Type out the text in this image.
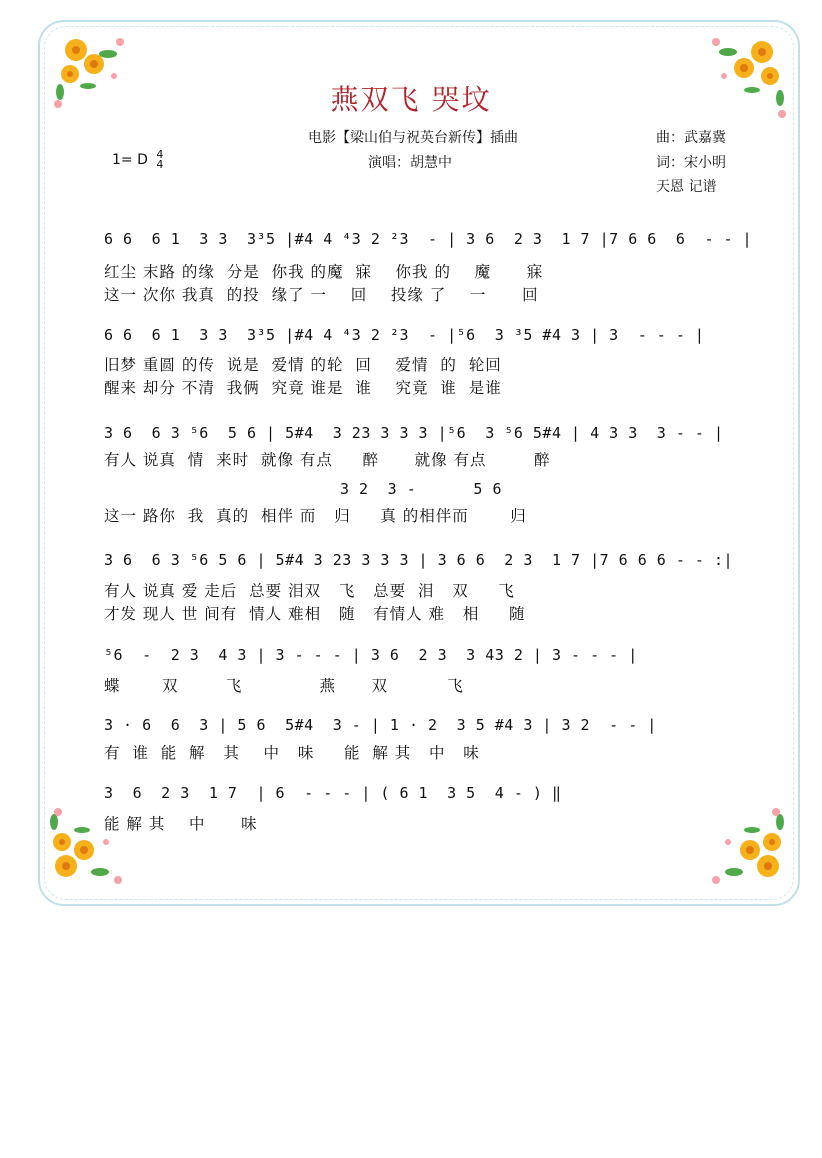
燕双飞 哭坟
电影【梁山伯与祝英台新传】插曲
演唱：胡慧中
曲：武嘉冀
词：宋小明
天恩 记谱
1= D 4
4
6 6  6 1  3 3  3³5 |#4 4 ⁴3 2 ²3  - | 3 6  2 3  1 7 |7 6 6  6  - - |
红尘 末路 的缘  分是  你我 的魔  寐    你我 的    魔      寐
这一 次你 我真  的投  缘了 一    回    投缘 了    一      回
6 6  6 1  3 3  3³5 |#4 4 ⁴3 2 ²3  - |⁵6  3 ³5 #4 3 | 3  - - - |
旧梦 重圆 的传  说是  爱情 的轮  回    爱情  的  轮回
醒来 却分 不清  我俩  究竟 谁是  谁    究竟  谁  是谁
3 6  6 3 ⁵6  5 6 | 5#4  3 23 3 3 3 |⁵6  3 ⁵6 5#4 | 4 3 3  3 - - |
有人 说真  情  来时  就像 有点     醉      就像 有点        醉
3 2  3 -      5 6
这一 路你  我  真的  相伴 而   归     真 的相伴而       归
3 6  6 3 ⁵6 5 6 | 5#4 3 23 3 3 3 | 3 6 6  2 3  1 7 |7 6 6 6 - - :|
有人 说真 爱 走后  总要 泪双   飞   总要  泪   双     飞
才发 现人 世 间有  情人 难相   随   有情人 难   相     随
⁵6  -  2 3  4 3 | 3 - - - | 3 6  2 3  3 43 2 | 3 - - - |
蝶       双        飞             燕      双          飞
3 · 6  6  3 | 5 6  5#4  3 - | 1 · 2  3 5 #4 3 | 3 2  - - |
有  谁  能  解   其    中   味     能  解 其   中   味
3  6  2 3  1 7  | 6  - - - | ( 6 1  3 5  4 - ) ‖
能 解 其    中      味
